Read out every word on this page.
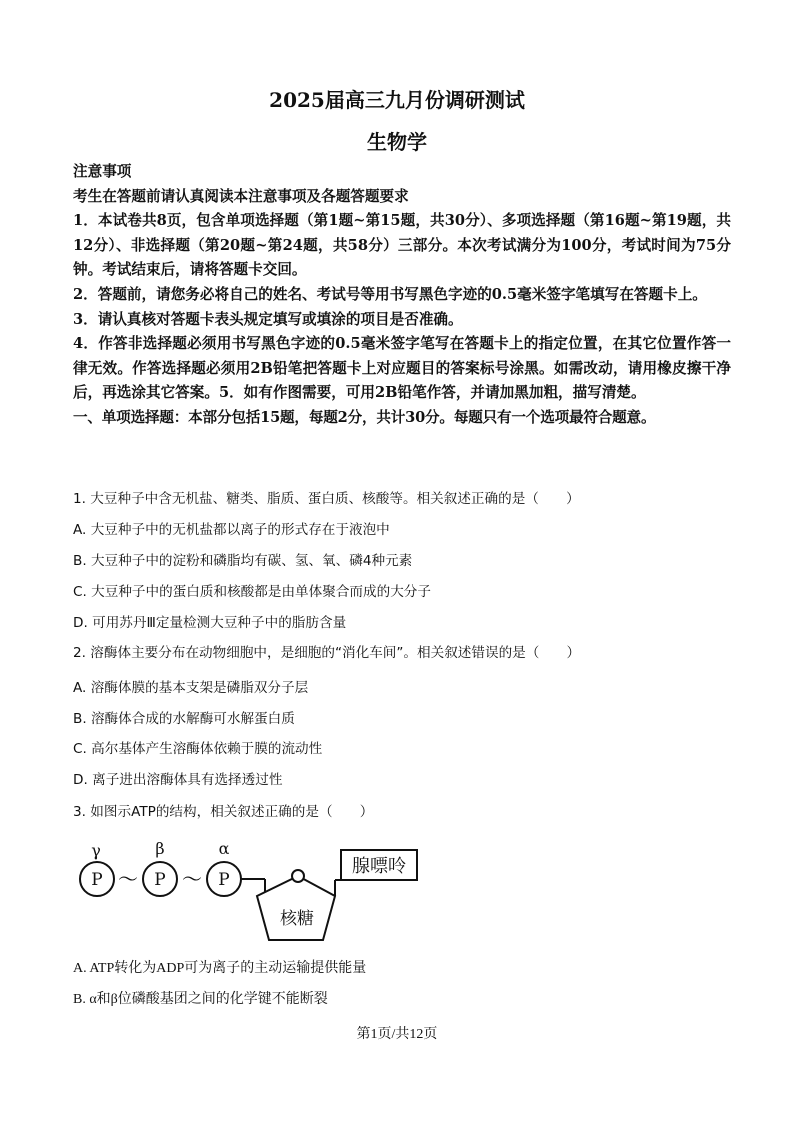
2025届高三九月份调研测试
生物学

注意事项

考生在答题前请认真阅读本注意事项及各题答题要求

1．本试卷共8页，包含单项选择题（第1题~第15题，共30分）、多项选择题（第16题~第19题，共12分）、非选择题（第20题~第24题，共58分）三部分。本次考试满分为100分，考试时间为75分钟。考试结束后，请将答题卡交回。

2．答题前，请您务必将自己的姓名、考试号等用书写黑色字迹的0.5毫米签字笔填写在答题卡上。

3．请认真核对答题卡表头规定填写或填涂的项目是否准确。

4．作答非选择题必须用书写黑色字迹的0.5毫米签字笔写在答题卡上的指定位置，在其它位置作答一律无效。作答选择题必须用2B铅笔把答题卡上对应题目的答案标号涂黑。如需改动，请用橡皮擦干净后，再选涂其它答案。5．如有作图需要，可用2B铅笔作答，并请加黑加粗，描写清楚。

一、单项选择题：本部分包括15题，每题2分，共计30分。每题只有一个选项最符合题意。

1. 大豆种子中含无机盐、糖类、脂质、蛋白质、核酸等。相关叙述正确的是（　　）
A. 大豆种子中的无机盐都以离子的形式存在于液泡中
B. 大豆种子中的淀粉和磷脂均有碳、氢、氧、磷4种元素
C. 大豆种子中的蛋白质和核酸都是由单体聚合而成的大分子
D. 可用苏丹Ⅲ定量检测大豆种子中的脂肪含量
2. 溶酶体主要分布在动物细胞中，是细胞的“消化车间”。相关叙述错误的是（　　）
A. 溶酶体膜的基本支架是磷脂双分子层
B. 溶酶体合成的水解酶可水解蛋白质
C. 高尔基体产生溶酶体依赖于膜的流动性
D. 离子进出溶酶体具有选择透过性
3. 如图示ATP的结构，相关叙述正确的是（　　）
γ	β	α
P	P	P
～ ～
腺嘌呤
核糖
A. ATP转化为ADP可为离子的主动运输提供能量
B. α和β位磷酸基团之间的化学键不能断裂
第1页/共12页
